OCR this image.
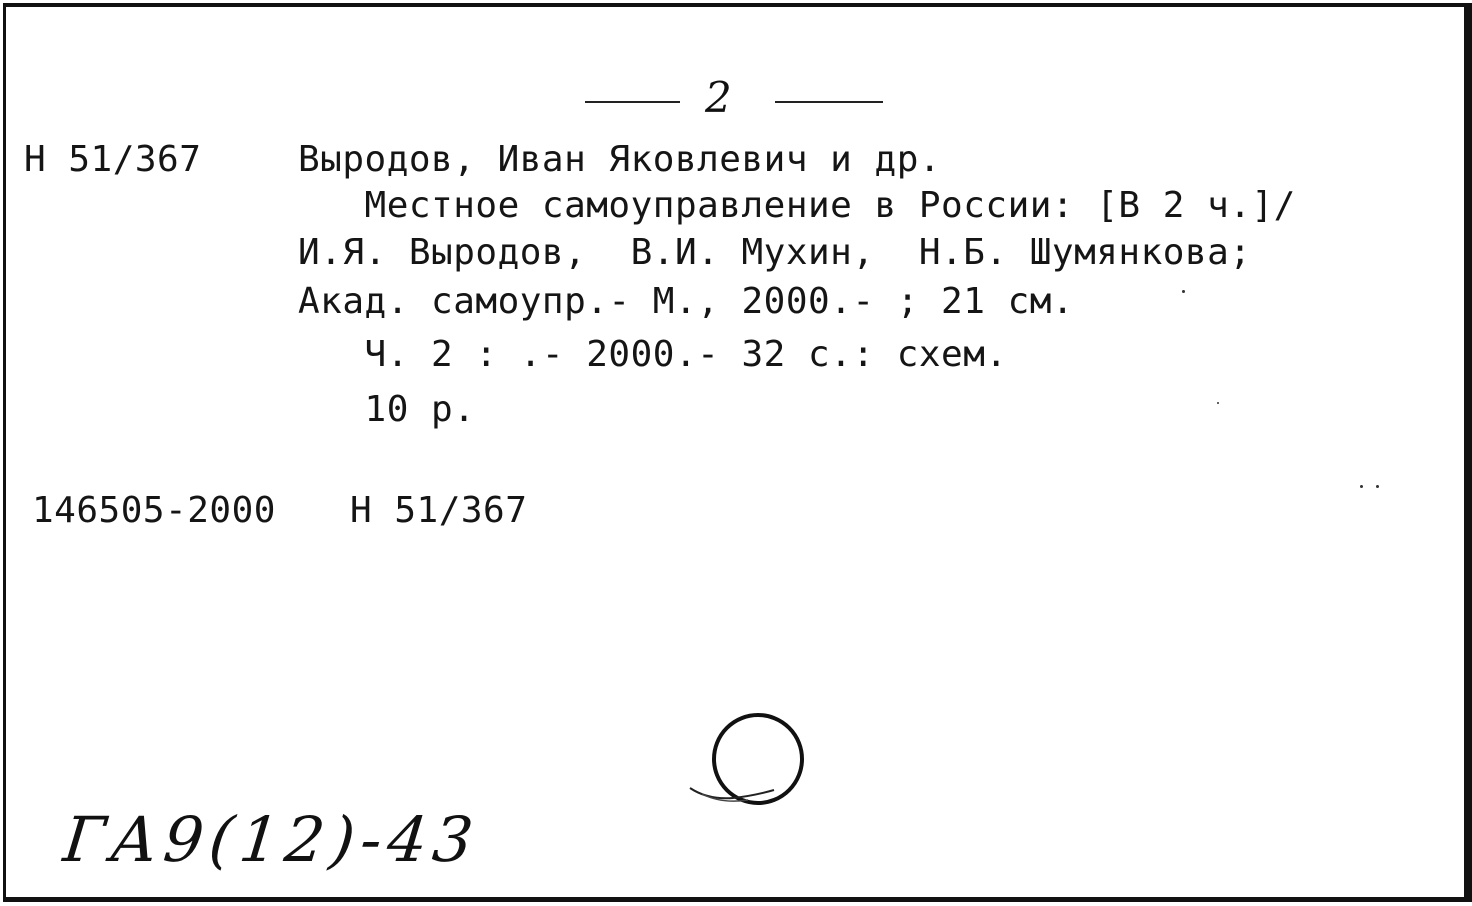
2
Н 51/367	Выродов, Иван Яковлевич и др.
Местное самоуправление в России: [В 2 ч.]/
И.Я. Выродов,  В.И. Мухин,  Н.Б. Шумянкова;
Акад. самоупр.- М., 2000.- ; 21 см.
Ч. 2 : .- 2000.- 32 с.: схем.
10 р.
146505-2000 Н 51/367
ГА9(12)-43
